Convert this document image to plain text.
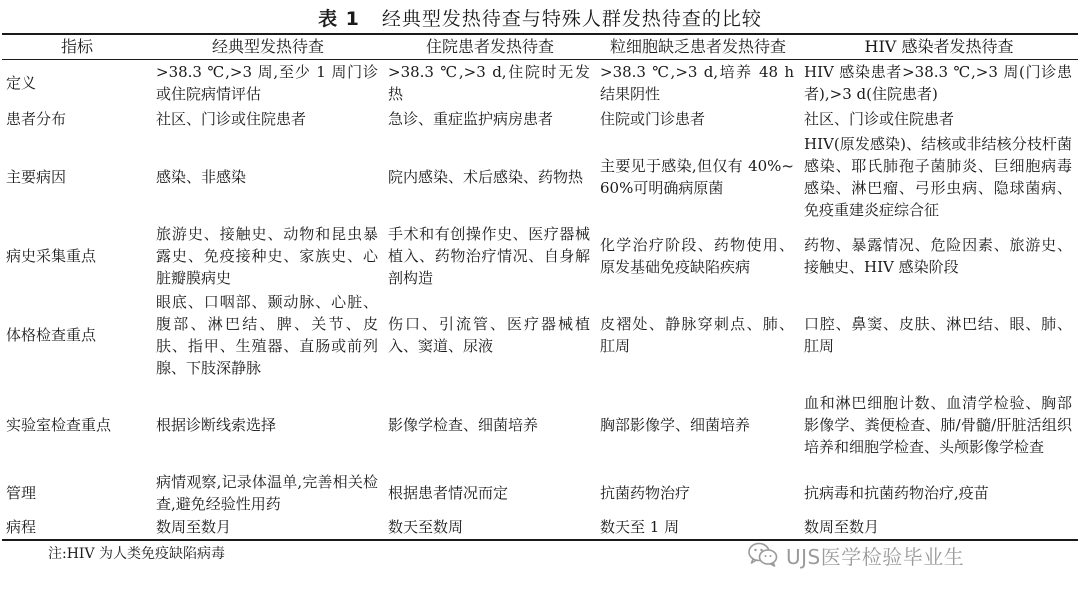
表 1 经典型发热待查与特殊人群发热待查的比较
指标	经典型发热待查	住院患者发热待查	粒细胞缺乏患者发热待查	HIV 感染者发热待查
定义	>38.3 ℃,>3 周,至少 1 周门诊或住院病情评估	>38.3 ℃,>3 d,住院时无发热	>38.3 ℃,>3 d,培养 48 h 结果阴性	HIV 感染患者>38.3 ℃,>3 周(门诊患者),>3 d(住院患者)
患者分布	社区、门诊或住院患者	急诊、重症监护病房患者	住院或门诊患者	社区、门诊或住院患者
主要病因	感染、非感染	院内感染、术后感染、药物热	主要见于感染,但仅有 40%~60%可明确病原菌	HIV(原发感染)、结核或非结核分枝杆菌感染、耶氏肺孢子菌肺炎、巨细胞病毒感染、淋巴瘤、弓形虫病、隐球菌病、免疫重建炎症综合征
病史采集重点	旅游史、接触史、动物和昆虫暴露史、免疫接种史、家族史、心脏瓣膜病史	手术和有创操作史、医疗器械植入、药物治疗情况、自身解剖构造	化学治疗阶段、药物使用、原发基础免疫缺陷疾病	药物、暴露情况、危险因素、旅游史、接触史、HIV 感染阶段
体格检查重点	眼底、口咽部、颞动脉、心脏、腹部、淋巴结、脾、关节、皮肤、指甲、生殖器、直肠或前列腺、下肢深静脉	伤口、引流管、医疗器械植入、窦道、尿液	皮褶处、静脉穿刺点、肺、肛周	口腔、鼻窦、皮肤、淋巴结、眼、肺、肛周
实验室检查重点	根据诊断线索选择	影像学检查、细菌培养	胸部影像学、细菌培养	血和淋巴细胞计数、血清学检验、胸部影像学、粪便检查、肺/骨髓/肝脏活组织培养和细胞学检查、头颅影像学检查
管理	病情观察,记录体温单,完善相关检查,避免经验性用药	根据患者情况而定	抗菌药物治疗	抗病毒和抗菌药物治疗,疫苗
病程	数周至数月	数天至数周	数天至 1 周	数周至数月
注:HIV 为人类免疫缺陷病毒	UJS医学检验毕业生
